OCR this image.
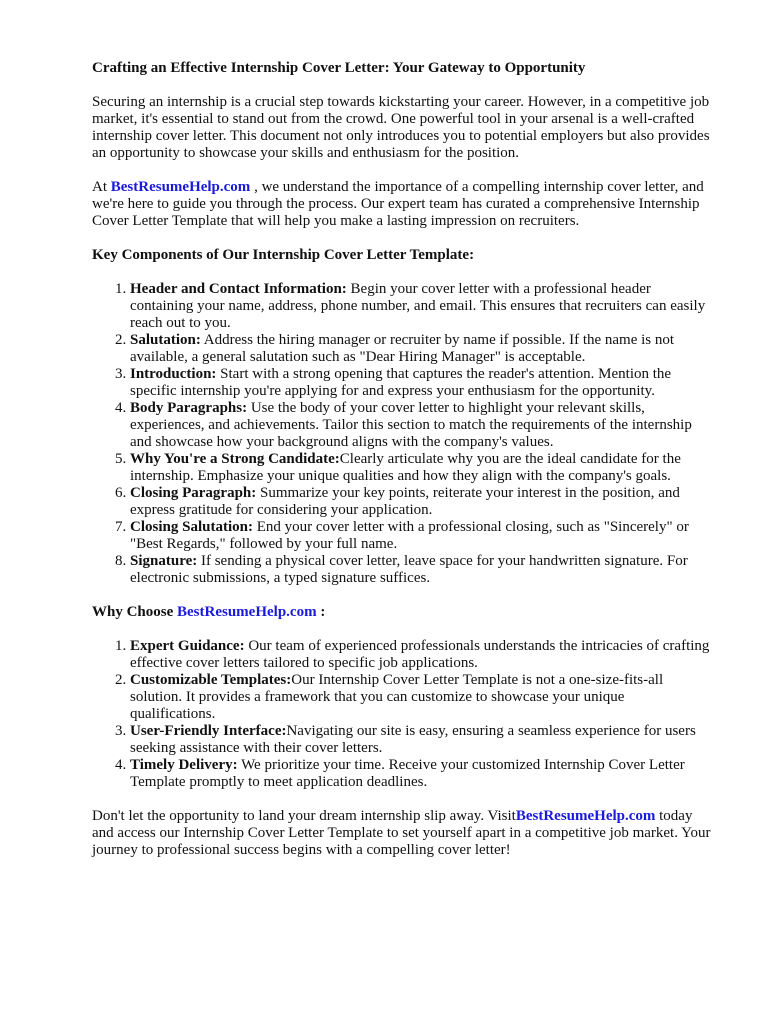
Crafting an Effective Internship Cover Letter: Your Gateway to Opportunity

Securing an internship is a crucial step towards kickstarting your career. However, in a competitive job market, it's essential to stand out from the crowd. One powerful tool in your arsenal is a well-crafted internship cover letter. This document not only introduces you to potential employers but also provides an opportunity to showcase your skills and enthusiasm for the position.

At BestResumeHelp.com , we understand the importance of a compelling internship cover letter, and we're here to guide you through the process. Our expert team has curated a comprehensive Internship Cover Letter Template that will help you make a lasting impression on recruiters.

Key Components of Our Internship Cover Letter Template:
1. Header and Contact Information: Begin your cover letter with a professional header containing your name, address, phone number, and email. This ensures that recruiters can easily reach out to you.
2. Salutation: Address the hiring manager or recruiter by name if possible. If the name is not available, a general salutation such as "Dear Hiring Manager" is acceptable.
3. Introduction: Start with a strong opening that captures the reader's attention. Mention the specific internship you're applying for and express your enthusiasm for the opportunity.
4. Body Paragraphs: Use the body of your cover letter to highlight your relevant skills, experiences, and achievements. Tailor this section to match the requirements of the internship and showcase how your background aligns with the company's values.
5. Why You're a Strong Candidate:Clearly articulate why you are the ideal candidate for the internship. Emphasize your unique qualities and how they align with the company's goals.
6. Closing Paragraph: Summarize your key points, reiterate your interest in the position, and express gratitude for considering your application.
7. Closing Salutation: End your cover letter with a professional closing, such as "Sincerely" or "Best Regards," followed by your full name.
8. Signature: If sending a physical cover letter, leave space for your handwritten signature. For electronic submissions, a typed signature suffices.
Why Choose BestResumeHelp.com :
1. Expert Guidance: Our team of experienced professionals understands the intricacies of crafting effective cover letters tailored to specific job applications.
2. Customizable Templates:Our Internship Cover Letter Template is not a one-size-fits-all solution. It provides a framework that you can customize to showcase your unique qualifications.
3. User-Friendly Interface:Navigating our site is easy, ensuring a seamless experience for users seeking assistance with their cover letters.
4. Timely Delivery: We prioritize your time. Receive your customized Internship Cover Letter Template promptly to meet application deadlines.

Don't let the opportunity to land your dream internship slip away. VisitBestResumeHelp.com today and access our Internship Cover Letter Template to set yourself apart in a competitive job market. Your journey to professional success begins with a compelling cover letter!
